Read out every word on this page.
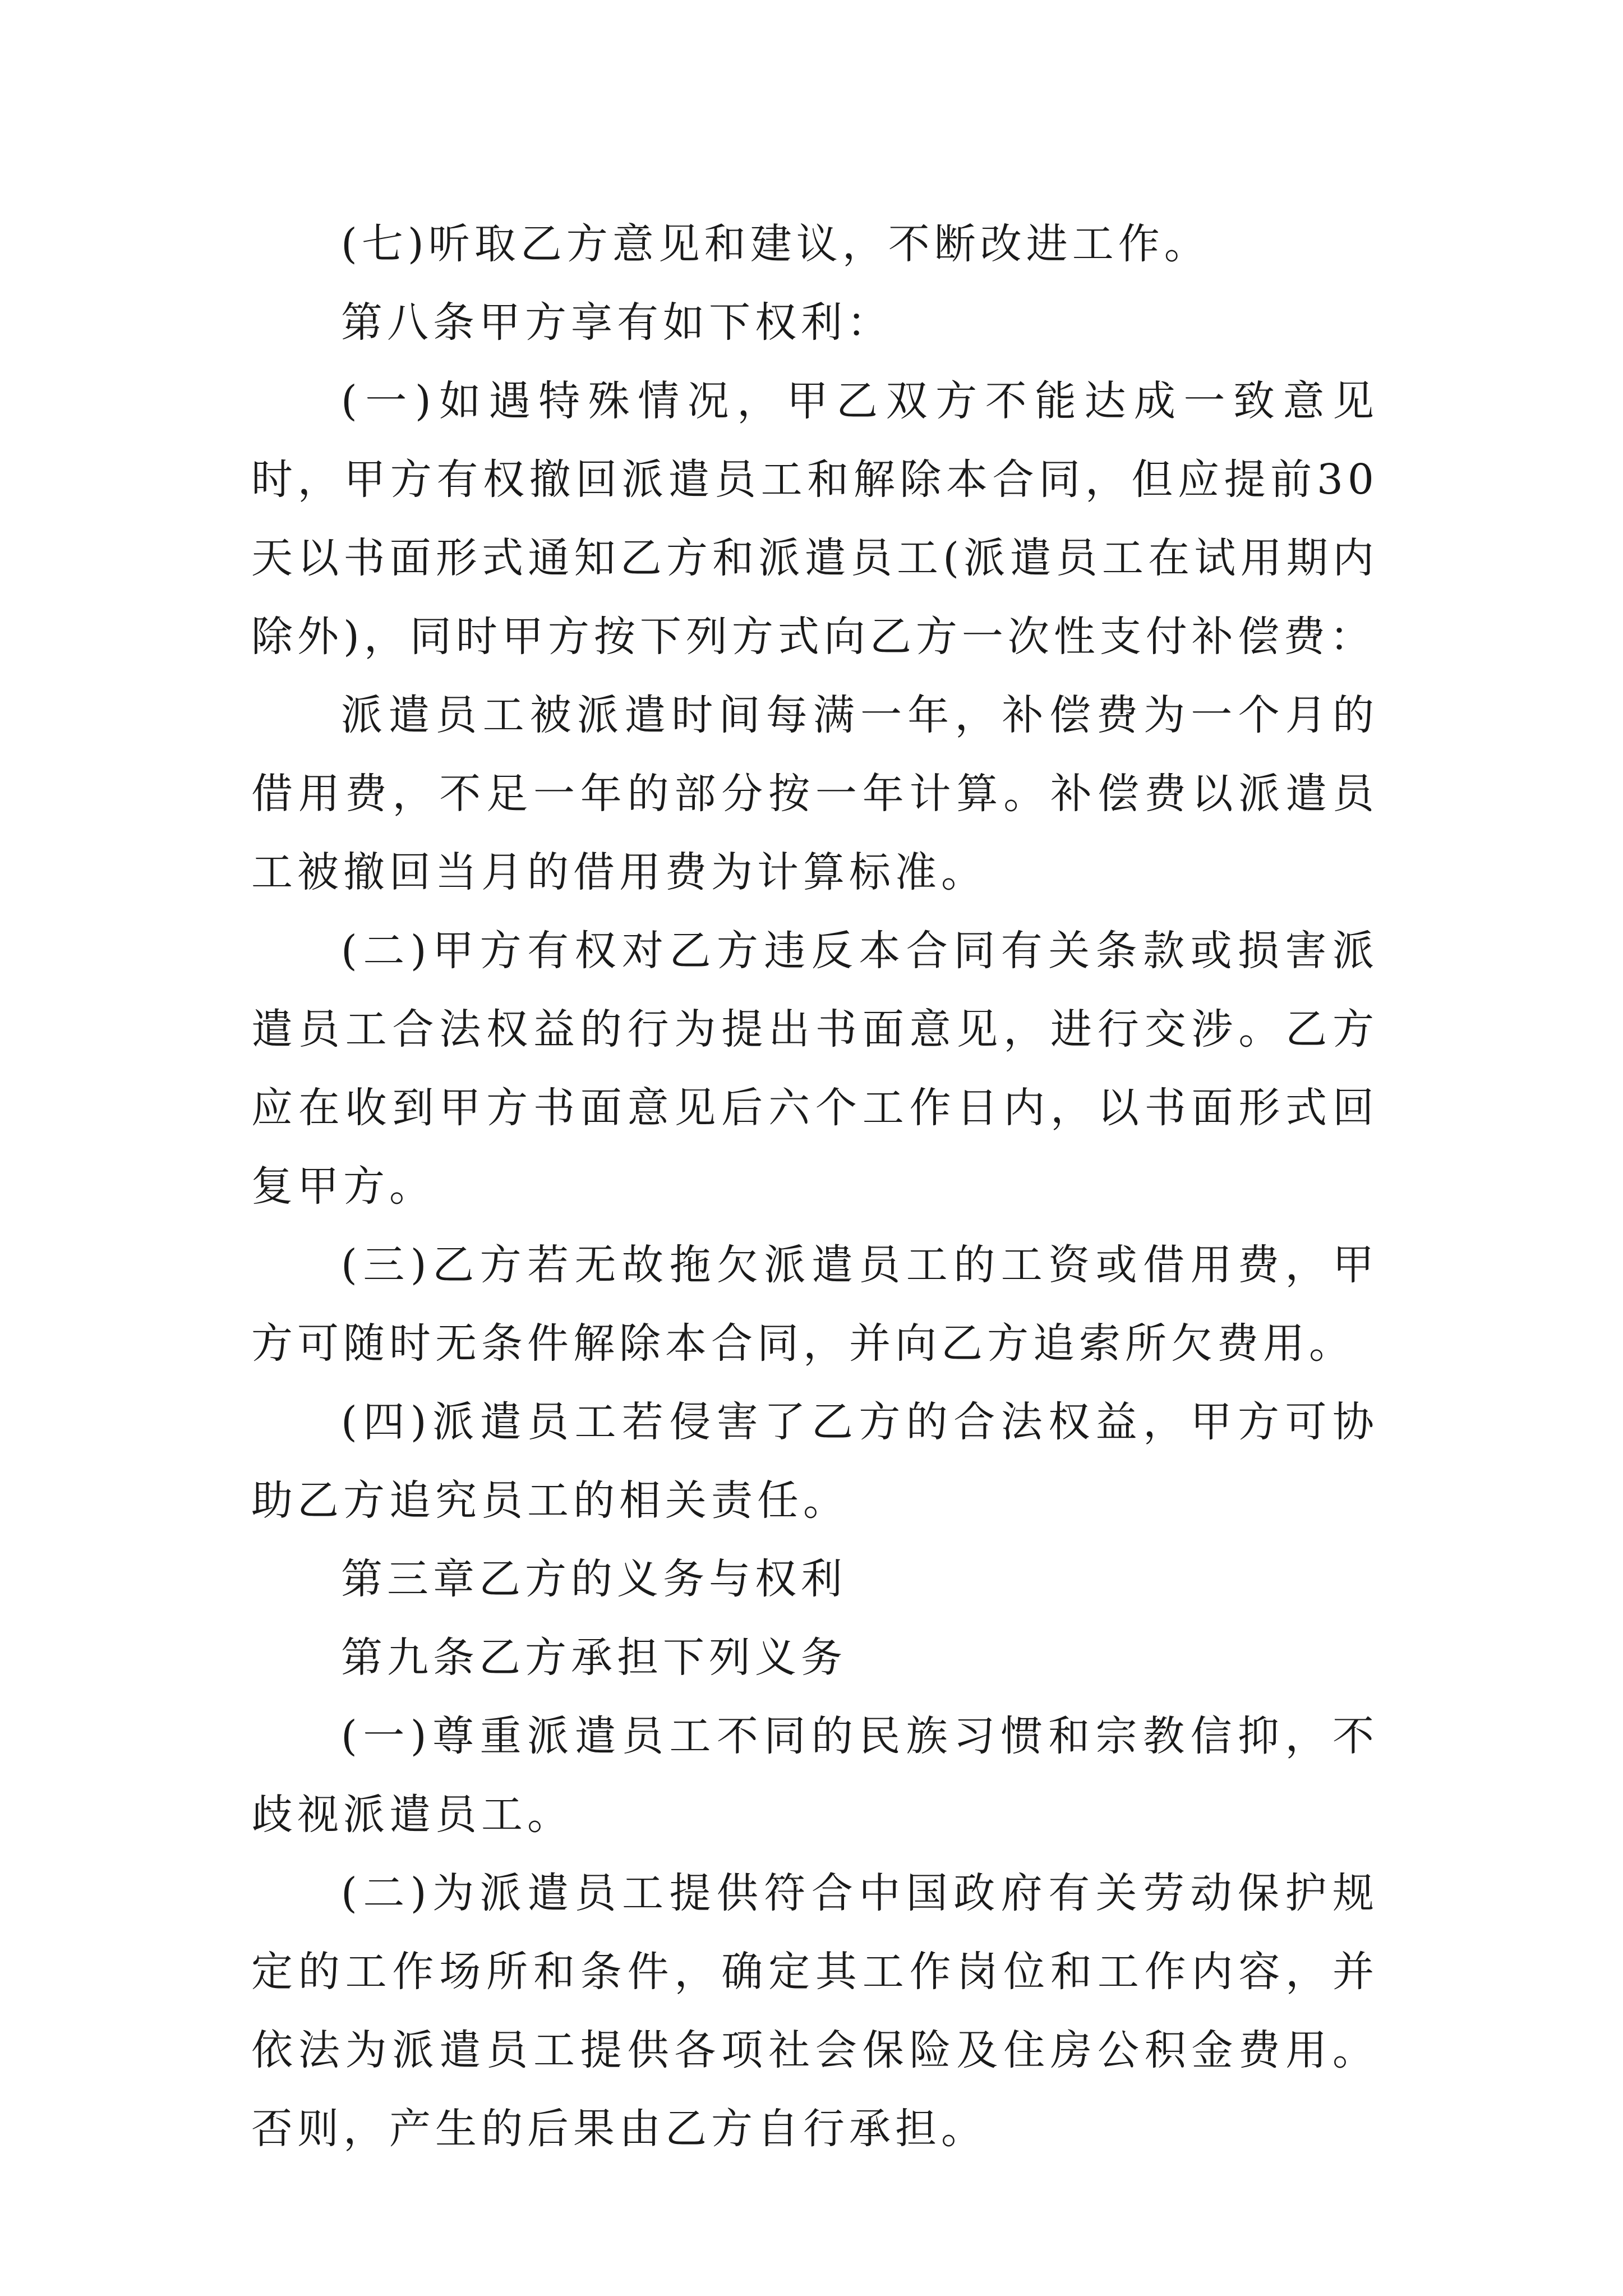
(七)听取乙方意见和建议，不断改进工作。

第八条甲方享有如下权利：

(一)如遇特殊情况，甲乙双方不能达成一致意见时，甲方有权撤回派遣员工和解除本合同，但应提前30天以书面形式通知乙方和派遣员工(派遣员工在试用期内除外)，同时甲方按下列方式向乙方一次性支付补偿费：

派遣员工被派遣时间每满一年，补偿费为一个月的借用费，不足一年的部分按一年计算。补偿费以派遣员工被撤回当月的借用费为计算标准。

(二)甲方有权对乙方违反本合同有关条款或损害派遣员工合法权益的行为提出书面意见，进行交涉。乙方应在收到甲方书面意见后六个工作日内，以书面形式回复甲方。

(三)乙方若无故拖欠派遣员工的工资或借用费，甲方可随时无条件解除本合同，并向乙方追索所欠费用。

(四)派遣员工若侵害了乙方的合法权益，甲方可协助乙方追究员工的相关责任。

第三章乙方的义务与权利

第九条乙方承担下列义务

(一)尊重派遣员工不同的民族习惯和宗教信抑，不歧视派遣员工。

(二)为派遣员工提供符合中国政府有关劳动保护规定的工作场所和条件，确定其工作岗位和工作内容，并依法为派遣员工提供各项社会保险及住房公积金费用。否则，产生的后果由乙方自行承担。
